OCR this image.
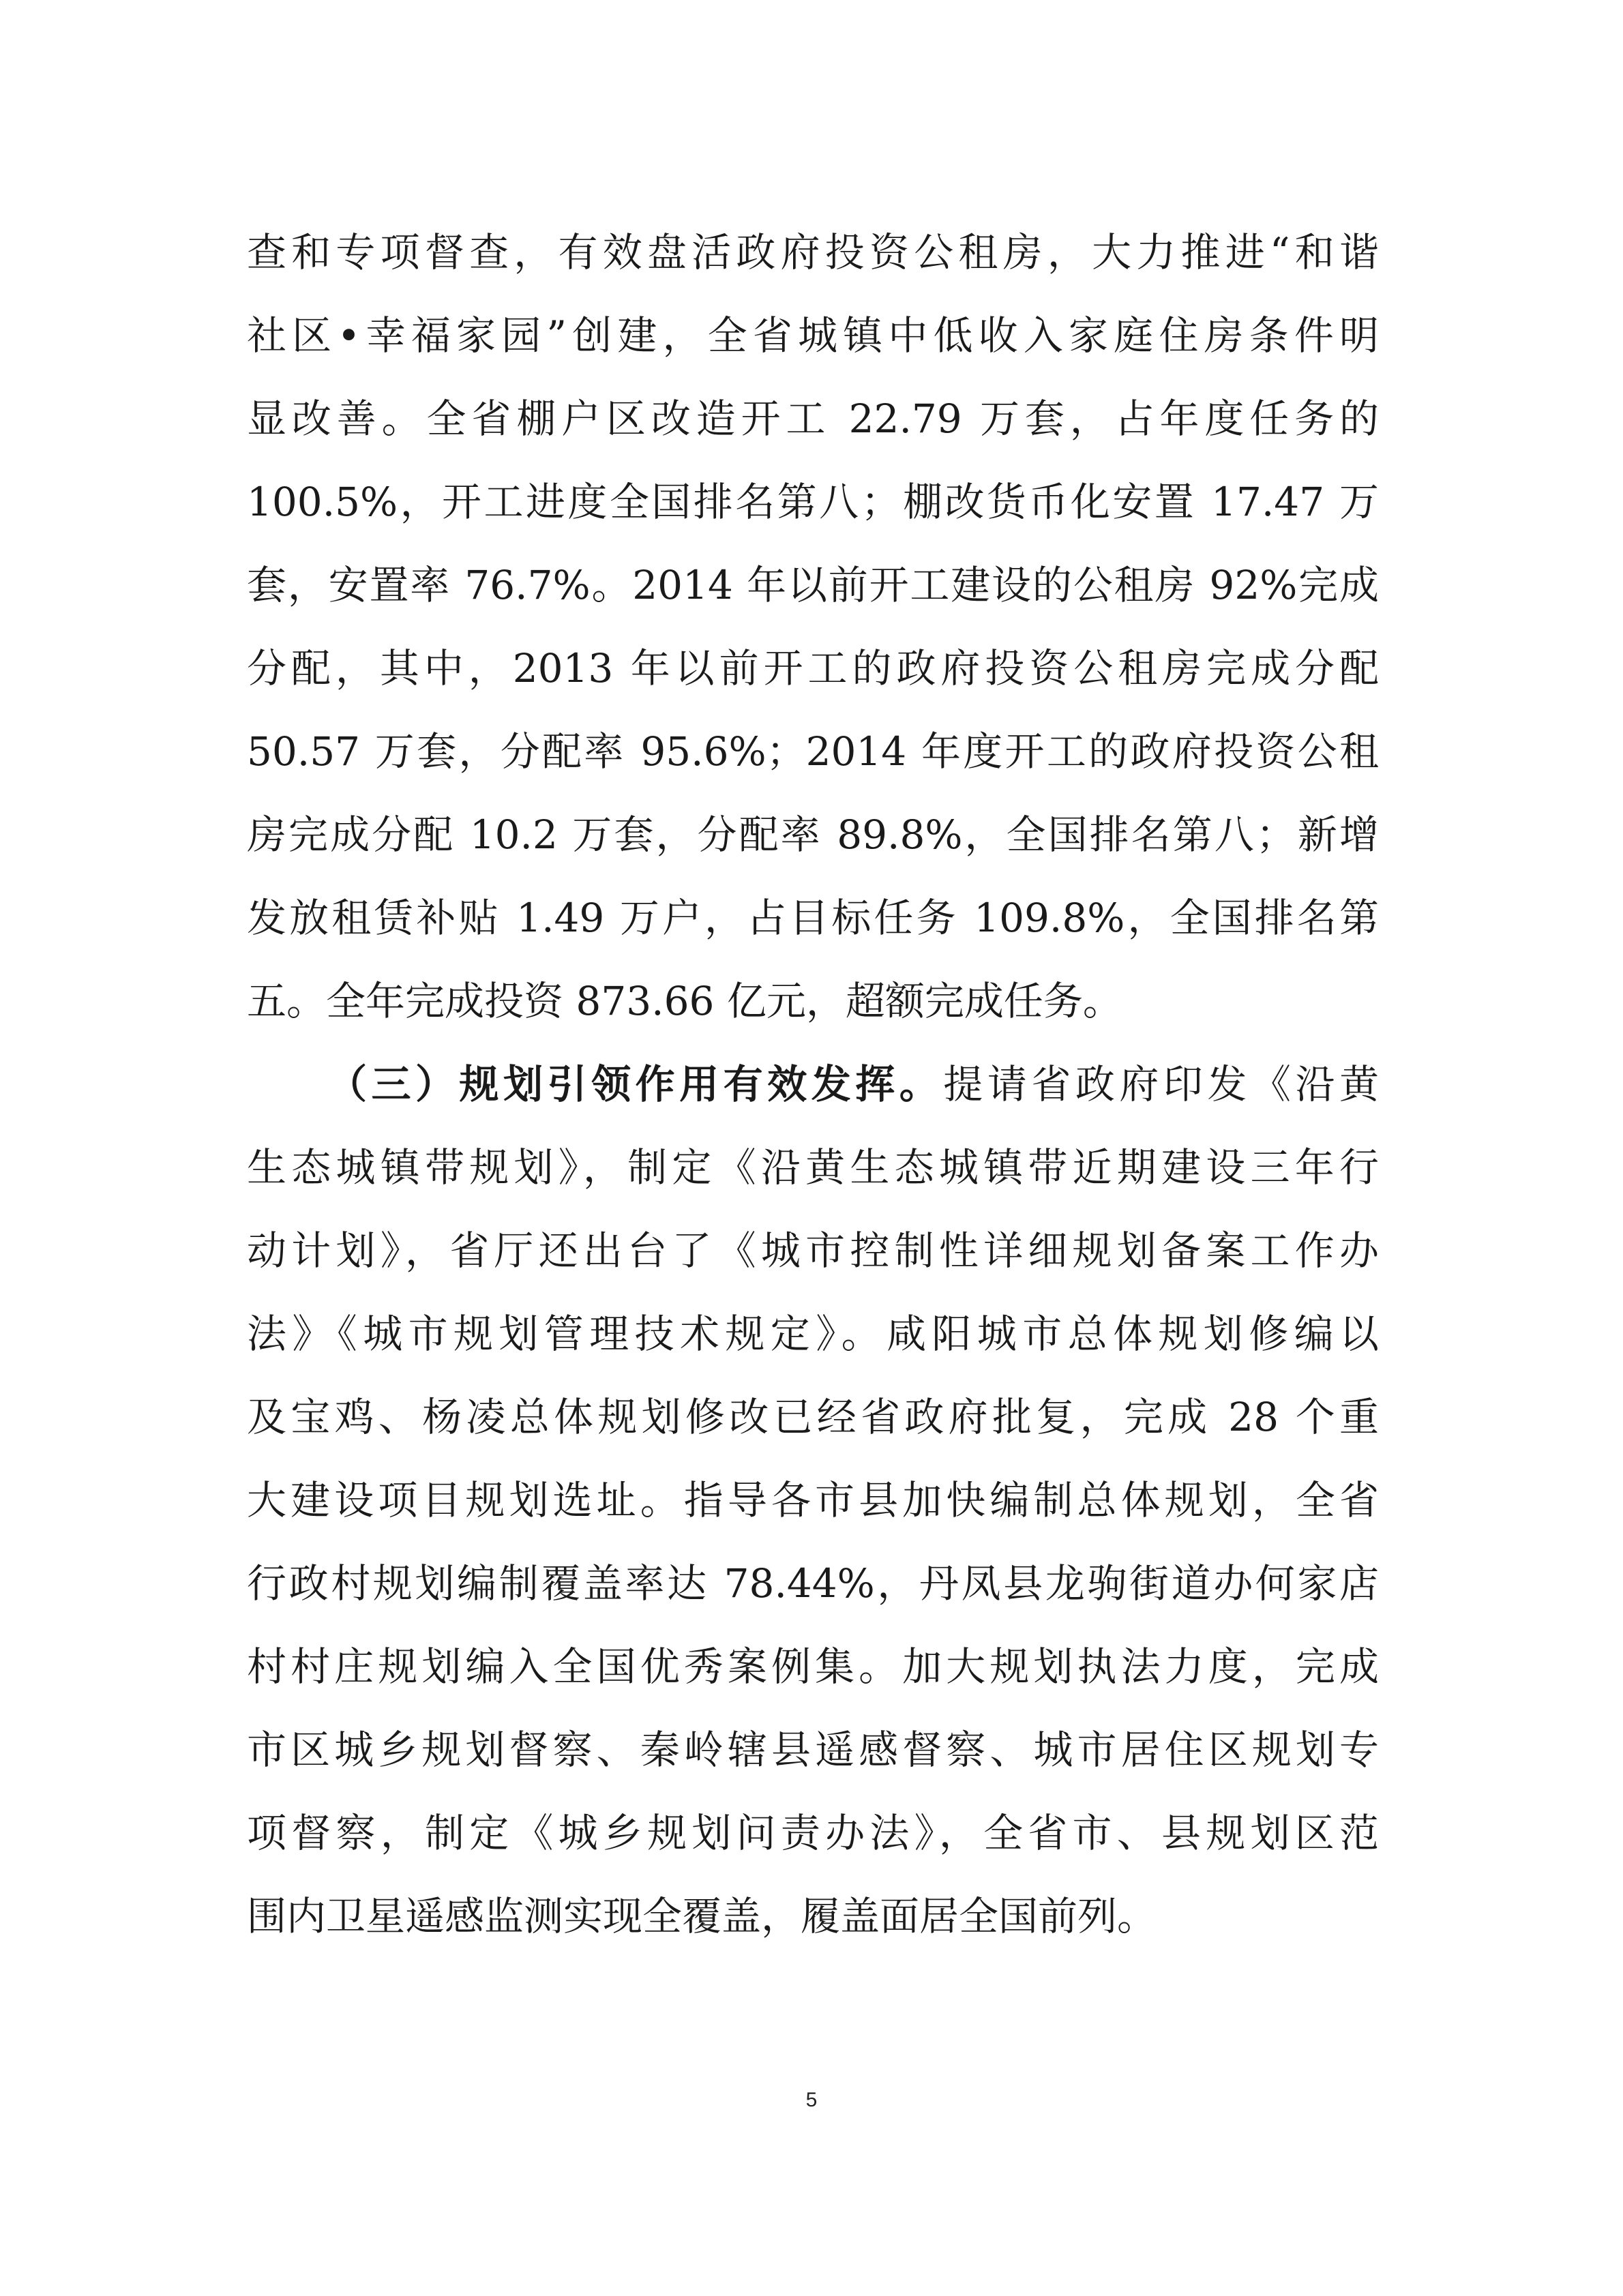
查和专项督查，有效盘活政府投资公租房，大力推进“和谐
社区•幸福家园”创建，全省城镇中低收入家庭住房条件明
显改善。全省棚户区改造开工 22.79 万套，占年度任务的
100.5%，开工进度全国排名第八；棚改货币化安置 17.47 万
套，安置率 76.7%。2014 年以前开工建设的公租房 92%完成
分配，其中，2013 年以前开工的政府投资公租房完成分配
50.57 万套，分配率 95.6%；2014 年度开工的政府投资公租
房完成分配 10.2 万套，分配率 89.8%，全国排名第八；新增
发放租赁补贴 1.49 万户，占目标任务 109.8%，全国排名第
五。全年完成投资 873.66 亿元，超额完成任务。
（三）规划引领作用有效发挥。提请省政府印发《沿黄
生态城镇带规划》，制定《沿黄生态城镇带近期建设三年行
动计划》，省厅还出台了《城市控制性详细规划备案工作办
法》《城市规划管理技术规定》。咸阳城市总体规划修编以
及宝鸡、杨凌总体规划修改已经省政府批复，完成 28 个重
大建设项目规划选址。指导各市县加快编制总体规划，全省
行政村规划编制覆盖率达 78.44%，丹凤县龙驹街道办何家店
村村庄规划编入全国优秀案例集。加大规划执法力度，完成
市区城乡规划督察、秦岭辖县遥感督察、城市居住区规划专
项督察，制定《城乡规划问责办法》，全省市、县规划区范
围内卫星遥感监测实现全覆盖，履盖面居全国前列。
5
